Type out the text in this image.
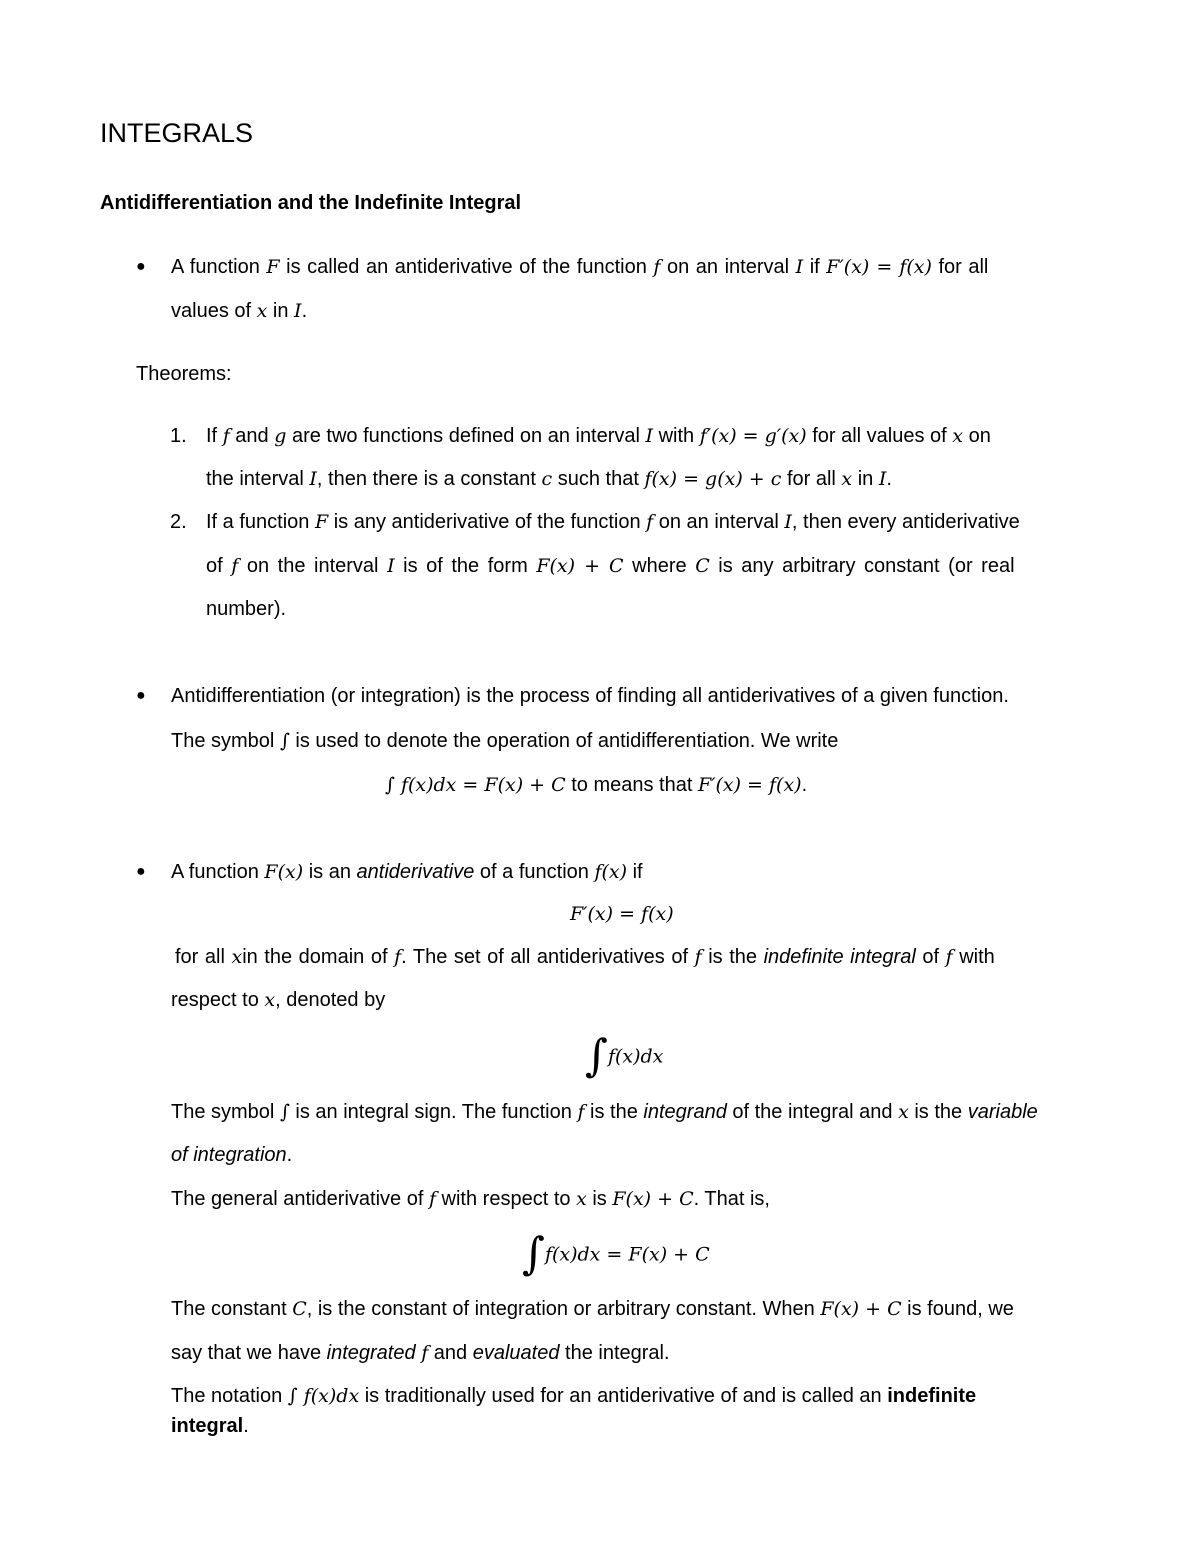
INTEGRALS
Antidifferentiation and the Indefinite Integral
● A function F is called an antiderivative of the function f on an interval I if F′(x) = f(x) for all
values of x in I.
Theorems:
1. If f and g are two functions defined on an interval I with f′(x) = g′(x) for all values of x on
the interval I, then there is a constant c such that f(x) = g(x) + c for all x in I.
2. If a function F is any antiderivative of the function f on an interval I, then every antiderivative
of f on the interval I is of the form F(x) + C where C is any arbitrary constant (or real
number).
● Antidifferentiation (or integration) is the process of finding all antiderivatives of a given function.
The symbol ∫ is used to denote the operation of antidifferentiation. We write
∫ f(x)dx = F(x) + C to means that F′(x) = f(x).
● A function F(x) is an antiderivative of a function f(x) if
F′(x) = f(x)
for all xin the domain of f. The set of all antiderivatives of f is the indefinite integral of f with
respect to x, denoted by
∫f(x)dx
The symbol ∫ is an integral sign. The function f is the integrand of the integral and x is the variable
of integration.
The general antiderivative of f with respect to x is F(x) + C. That is,
∫f(x)dx = F(x) + C
The constant C, is the constant of integration or arbitrary constant. When F(x) + C is found, we
say that we have integrated f and evaluated the integral.
The notation ∫ f(x)dx is traditionally used for an antiderivative of and is called an indefinite
integral.
